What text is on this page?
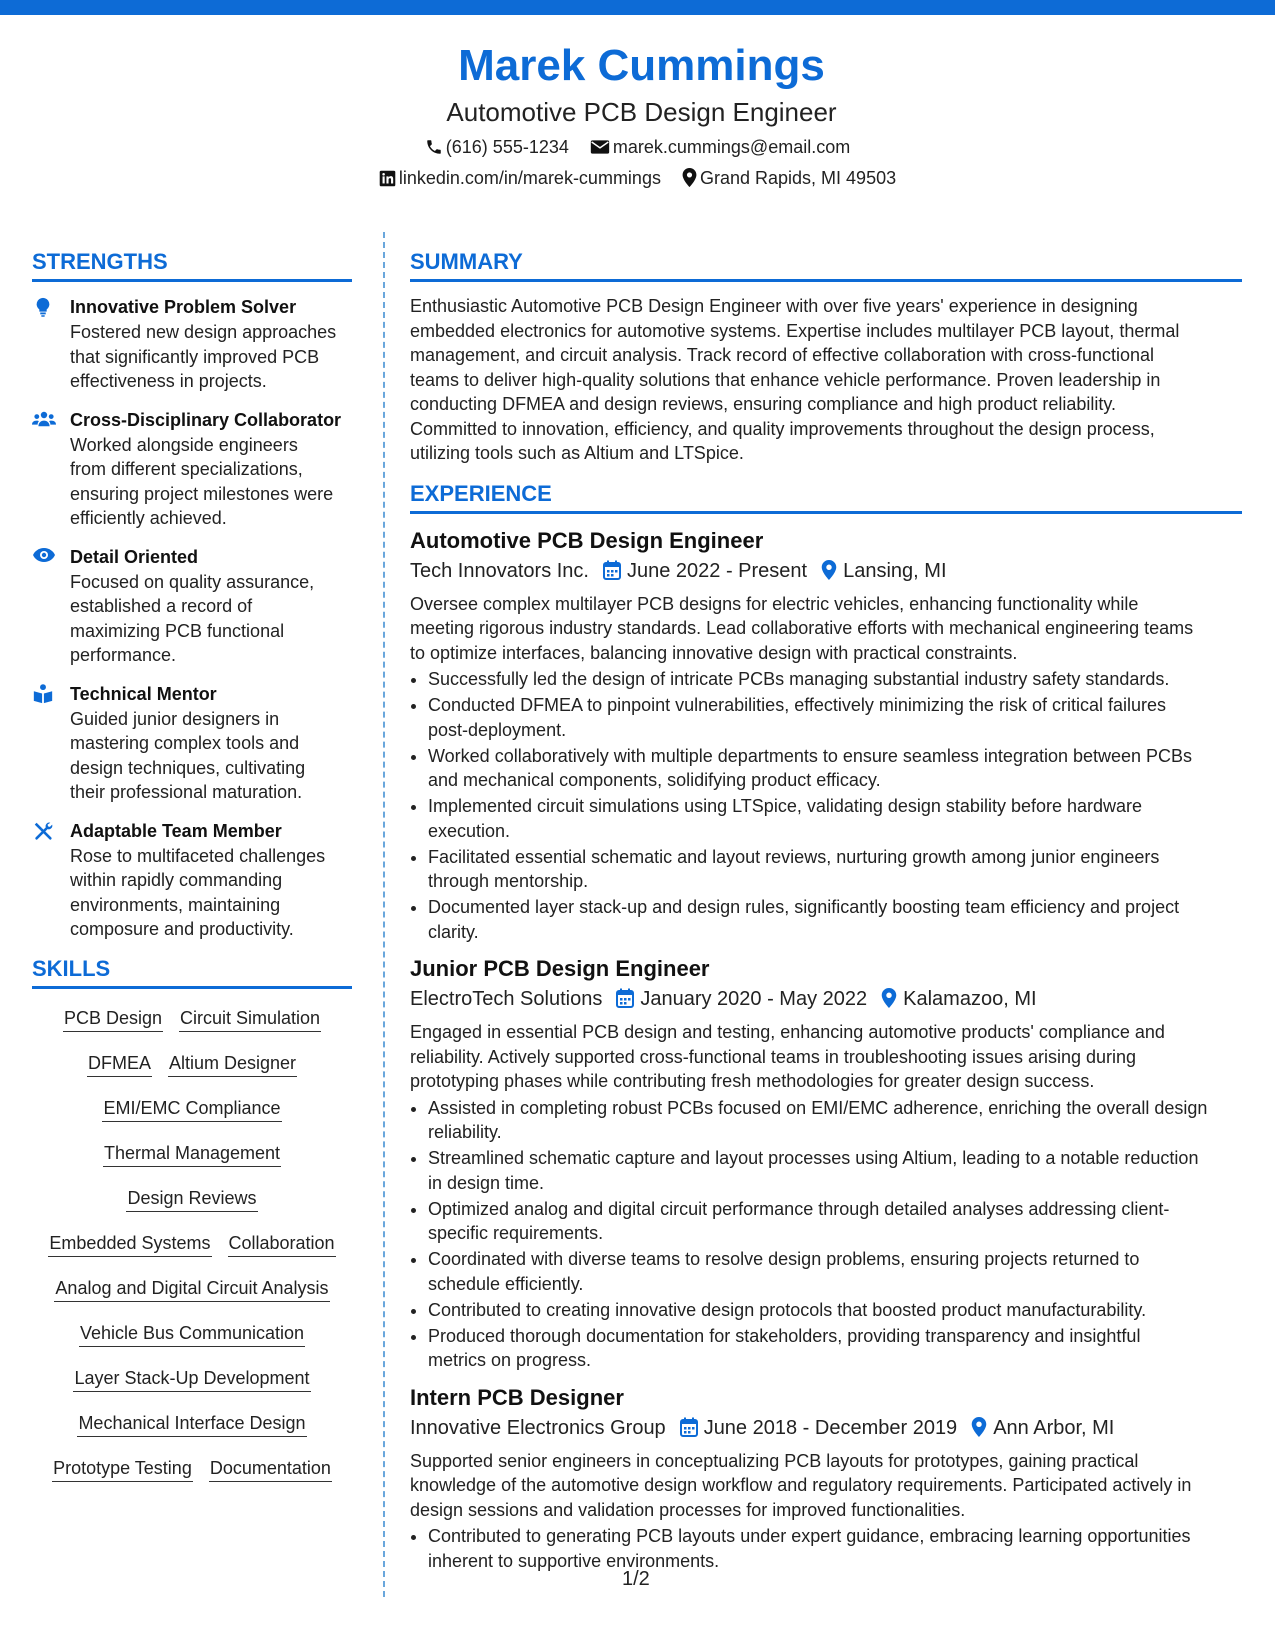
Marek Cummings
Automotive PCB Design Engineer
(616) 555-1234 marek.cummings@email.com
linkedin.com/in/marek-cummings Grand Rapids, MI 49503
STRENGTHS
Innovative Problem Solver
Fostered new design approaches
that significantly improved PCB
effectiveness in projects.
Cross-Disciplinary Collaborator
Worked alongside engineers
from different specializations,
ensuring project milestones were
efficiently achieved.
Detail Oriented
Focused on quality assurance,
established a record of
maximizing PCB functional
performance.
Technical Mentor
Guided junior designers in
mastering complex tools and
design techniques, cultivating
their professional maturation.
Adaptable Team Member
Rose to multifaceted challenges
within rapidly commanding
environments, maintaining
composure and productivity.
SKILLS
PCB Design Circuit Simulation
DFMEA Altium Designer
EMI/EMC Compliance
Thermal Management
Design Reviews
Embedded Systems Collaboration
Analog and Digital Circuit Analysis
Vehicle Bus Communication
Layer Stack-Up Development
Mechanical Interface Design
Prototype Testing Documentation
SUMMARY
Enthusiastic Automotive PCB Design Engineer with over five years' experience in designing
embedded electronics for automotive systems. Expertise includes multilayer PCB layout, thermal
management, and circuit analysis. Track record of effective collaboration with cross-functional
teams to deliver high-quality solutions that enhance vehicle performance. Proven leadership in
conducting DFMEA and design reviews, ensuring compliance and high product reliability.
Committed to innovation, efficiency, and quality improvements throughout the design process,
utilizing tools such as Altium and LTSpice.
EXPERIENCE
Automotive PCB Design Engineer
Tech Innovators Inc. June 2022 - Present Lansing, MI
Oversee complex multilayer PCB designs for electric vehicles, enhancing functionality while
meeting rigorous industry standards. Lead collaborative efforts with mechanical engineering teams
to optimize interfaces, balancing innovative design with practical constraints.
• Successfully led the design of intricate PCBs managing substantial industry safety standards.
• Conducted DFMEA to pinpoint vulnerabilities, effectively minimizing the risk of critical failures
post-deployment.
• Worked collaboratively with multiple departments to ensure seamless integration between PCBs
and mechanical components, solidifying product efficacy.
• Implemented circuit simulations using LTSpice, validating design stability before hardware
execution.
• Facilitated essential schematic and layout reviews, nurturing growth among junior engineers
through mentorship.
• Documented layer stack-up and design rules, significantly boosting team efficiency and project
clarity.
Junior PCB Design Engineer
ElectroTech Solutions January 2020 - May 2022 Kalamazoo, MI
Engaged in essential PCB design and testing, enhancing automotive products' compliance and
reliability. Actively supported cross-functional teams in troubleshooting issues arising during
prototyping phases while contributing fresh methodologies for greater design success.
• Assisted in completing robust PCBs focused on EMI/EMC adherence, enriching the overall design
reliability.
• Streamlined schematic capture and layout processes using Altium, leading to a notable reduction
in design time.
• Optimized analog and digital circuit performance through detailed analyses addressing client-
specific requirements.
• Coordinated with diverse teams to resolve design problems, ensuring projects returned to
schedule efficiently.
• Contributed to creating innovative design protocols that boosted product manufacturability.
• Produced thorough documentation for stakeholders, providing transparency and insightful
metrics on progress.
Intern PCB Designer
Innovative Electronics Group June 2018 - December 2019 Ann Arbor, MI
Supported senior engineers in conceptualizing PCB layouts for prototypes, gaining practical
knowledge of the automotive design workflow and regulatory requirements. Participated actively in
design sessions and validation processes for improved functionalities.
• Contributed to generating PCB layouts under expert guidance, embracing learning opportunities
inherent to supportive environments.
1/2
